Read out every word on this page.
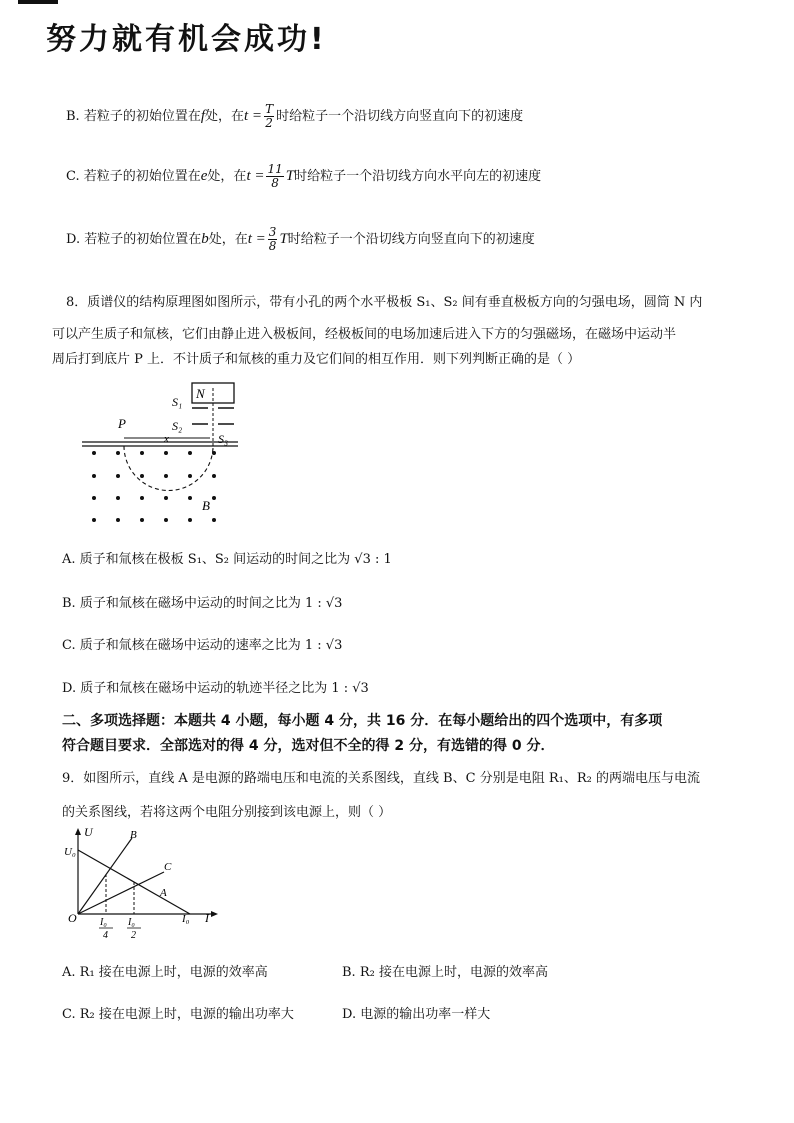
努力就有机会成功!
B. 若粒子的初始位置在f处，在$t = \frac{T}{2}$ 时给粒子一个沿切线方向竖直向下的初速度
C. 若粒子的初始位置在e处，在$t = \frac{11}{8}$ T时给粒子一个沿切线方向水平向左的初速度
D. 若粒子的初始位置在b处，在$t = \frac{3}{8}$ T时给粒子一个沿切线方向竖直向下的初速度
8．质谱仪的结构原理图如图所示，带有小孔的两个水平极板 S₁、S₂ 间有垂直极板方向的匀强电场，圆筒 N 内
可以产生质子和氚核，它们由静止进入极板间，经极板间的电场加速后进入下方的匀强磁场，在磁场中运动半
周后打到底片 P 上．不计质子和氚核的重力及它们间的相互作用．则下列判断正确的是（ ）
N
S₁
S₂
S₃
P
x
B
A. 质子和氚核在极板 S₁、S₂ 间运动的时间之比为 √3 : 1
B. 质子和氚核在磁场中运动的时间之比为 1 : √3
C. 质子和氚核在磁场中运动的速率之比为 1 : √3
D. 质子和氚核在磁场中运动的轨迹半径之比为 1 : √3
二、多项选择题：本题共 4 小题，每小题 4 分，共 16 分．在每小题给出的四个选项中，有多项
符合题目要求．全部选对的得 4 分，选对但不全的得 2 分，有选错的得 0 分．
9．如图所示，直线 A 是电源的路端电压和电流的关系图线，直线 B、C 分别是电阻 R₁、R₂ 的两端电压与电流
的关系图线，若将这两个电阻分别接到该电源上，则（ ）
U
U₀
O	I
I₀
A
B
C
I₀
4
I₀
2
A. R₁ 接在电源上时，电源的效率高	B. R₂ 接在电源上时，电源的效率高
C. R₂ 接在电源上时，电源的输出功率大	D. 电源的输出功率一样大
